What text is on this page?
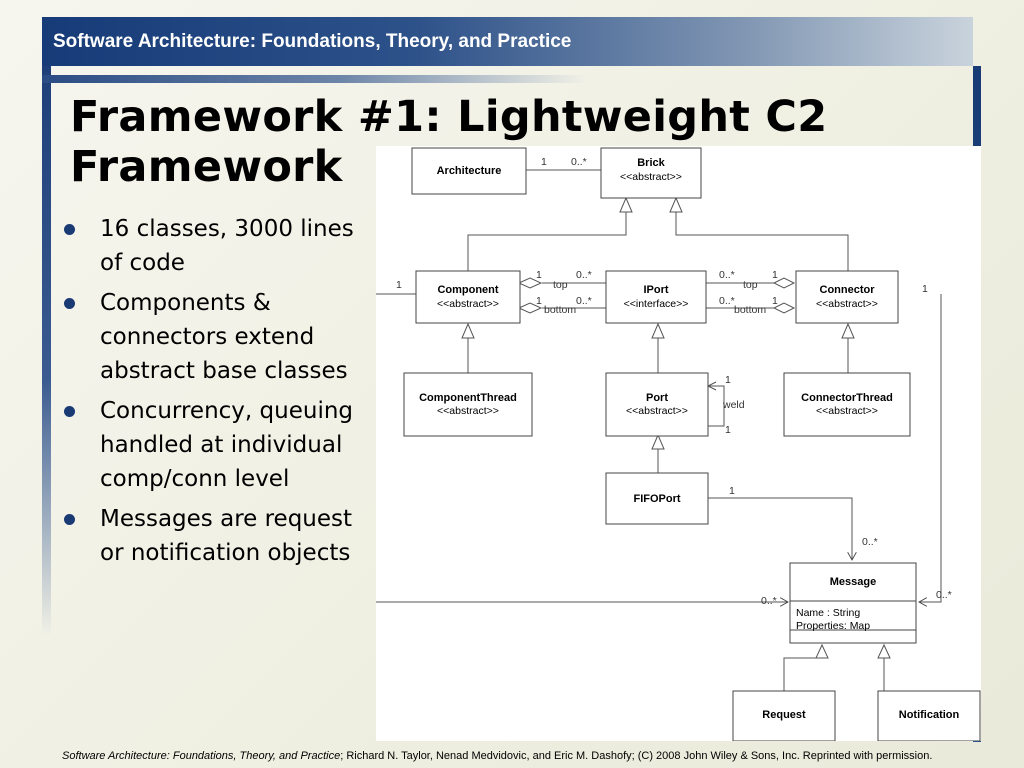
Software Architecture: Foundations, Theory, and Practice
Framework #1: Lightweight C2 Framework
16 classes, 3000 lines of code
Components & connectors extend abstract base classes
Concurrency, queuing handled at individual comp/conn level
Messages are request or notification objects
Architecture
Brick
Component	IPort	Connector
ComponentThread	Port	ConnectorThread
FIFOPort
Message
Request	Notification
<<abstract>>
<<abstract>>	<<interface>>	<<abstract>>
<<abstract>>	<<abstract>>	<<abstract>>
Name : String
Properties: Map
1 0..*
1
top
0..*
1
bottom
0..*
0..*
top
1
0..*
bottom
1
1	1
1
weld
1
1
0..*
0..*	0..*
Software Architecture: Foundations, Theory, and Practice; Richard N. Taylor, Nenad Medvidovic, and Eric M. Dashofy; (C) 2008 John Wiley & Sons, Inc. Reprinted with permission.
